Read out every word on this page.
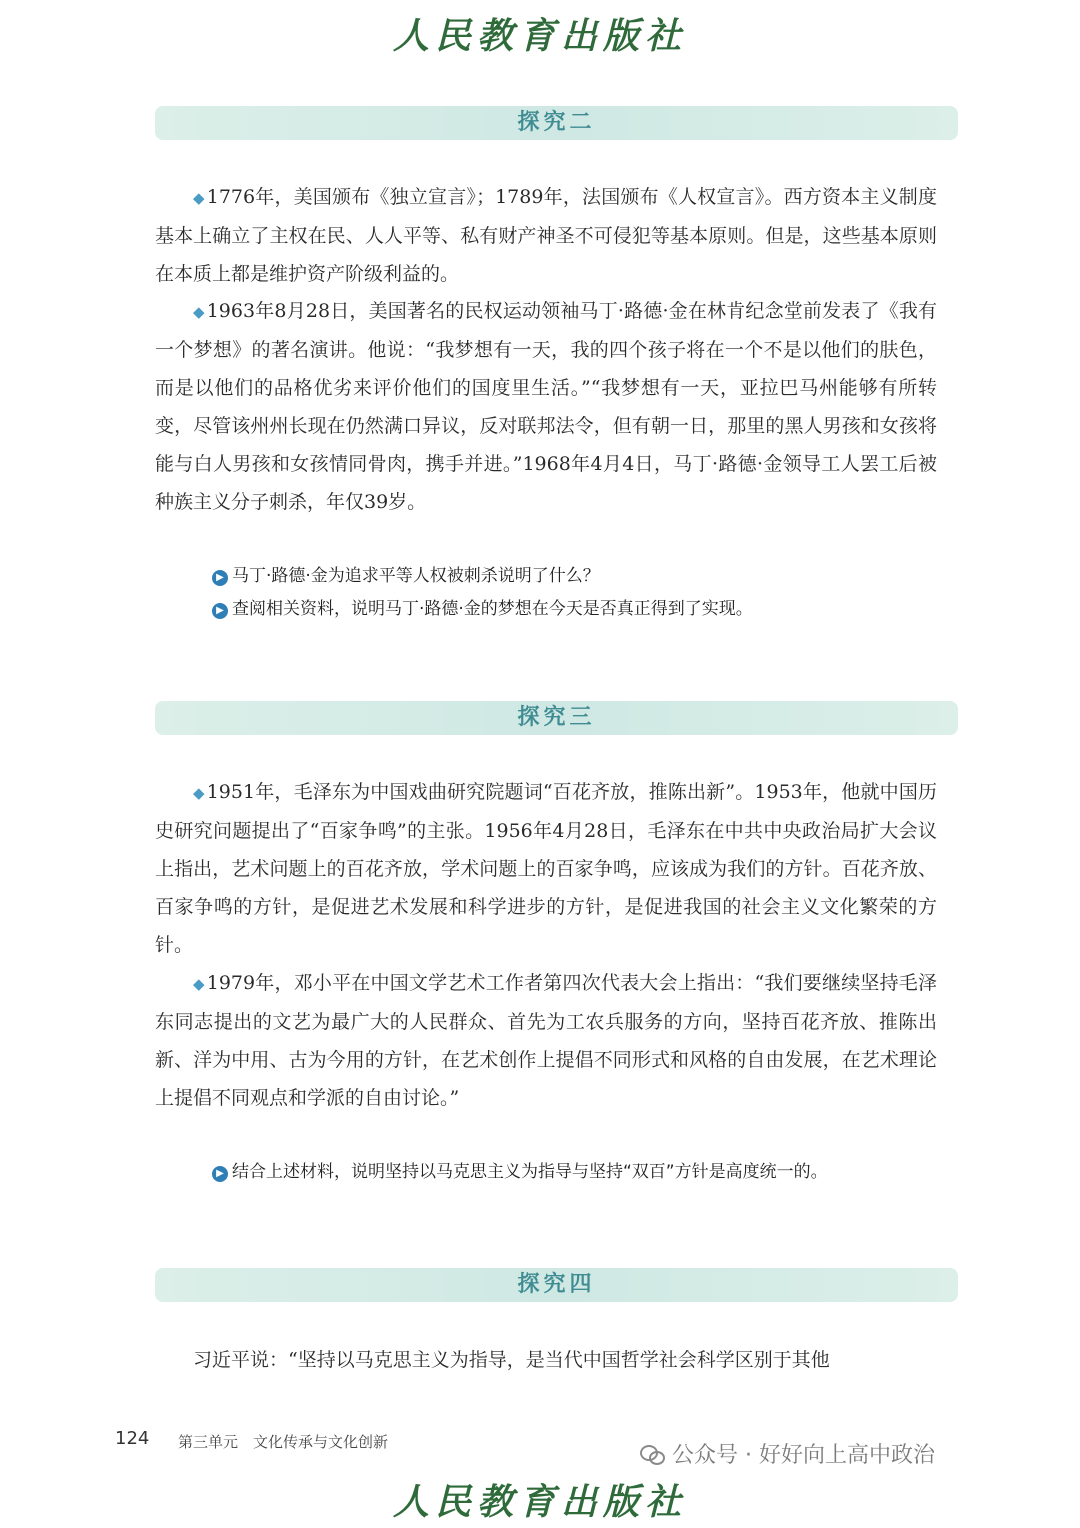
人民教育出版社
探究二

◆ 1776年，美国颁布《独立宣言》；1789年，法国颁布《人权宣言》。西方资本主义制度基本上确立了主权在民、人人平等、私有财产神圣不可侵犯等基本原则。但是，这些基本原则在本质上都是维护资产阶级利益的。

◆ 1963年8月28日，美国著名的民权运动领袖马丁·路德·金在林肯纪念堂前发表了《我有一个梦想》的著名演讲。他说：“我梦想有一天，我的四个孩子将在一个不是以他们的肤色，而是以他们的品格优劣来评价他们的国度里生活。”“我梦想有一天，亚拉巴马州能够有所转变，尽管该州州长现在仍然满口异议，反对联邦法令，但有朝一日，那里的黑人男孩和女孩将能与白人男孩和女孩情同骨肉，携手并进。”1968年4月4日，马丁·路德·金领导工人罢工后被种族主义分子刺杀，年仅39岁。

▶ 马丁·路德·金为追求平等人权被刺杀说明了什么？
▶ 查阅相关资料，说明马丁·路德·金的梦想在今天是否真正得到了实现。
探究三

◆ 1951年，毛泽东为中国戏曲研究院题词“百花齐放，推陈出新”。1953年，他就中国历史研究问题提出了“百家争鸣”的主张。1956年4月28日，毛泽东在中共中央政治局扩大会议上指出，艺术问题上的百花齐放，学术问题上的百家争鸣，应该成为我们的方针。百花齐放、百家争鸣的方针，是促进艺术发展和科学进步的方针，是促进我国的社会主义文化繁荣的方针。

◆ 1979年，邓小平在中国文学艺术工作者第四次代表大会上指出：“我们要继续坚持毛泽东同志提出的文艺为最广大的人民群众、首先为工农兵服务的方向，坚持百花齐放、推陈出新、洋为中用、古为今用的方针，在艺术创作上提倡不同形式和风格的自由发展，在艺术理论上提倡不同观点和学派的自由讨论。”

▶ 结合上述材料，说明坚持以马克思主义为指导与坚持“双百”方针是高度统一的。
探究四

习近平说：“坚持以马克思主义为指导，是当代中国哲学社会科学区别于其他

124 第三单元　文化传承与文化创新
人民教育出版社
公众号 · 好好向上高中政治
